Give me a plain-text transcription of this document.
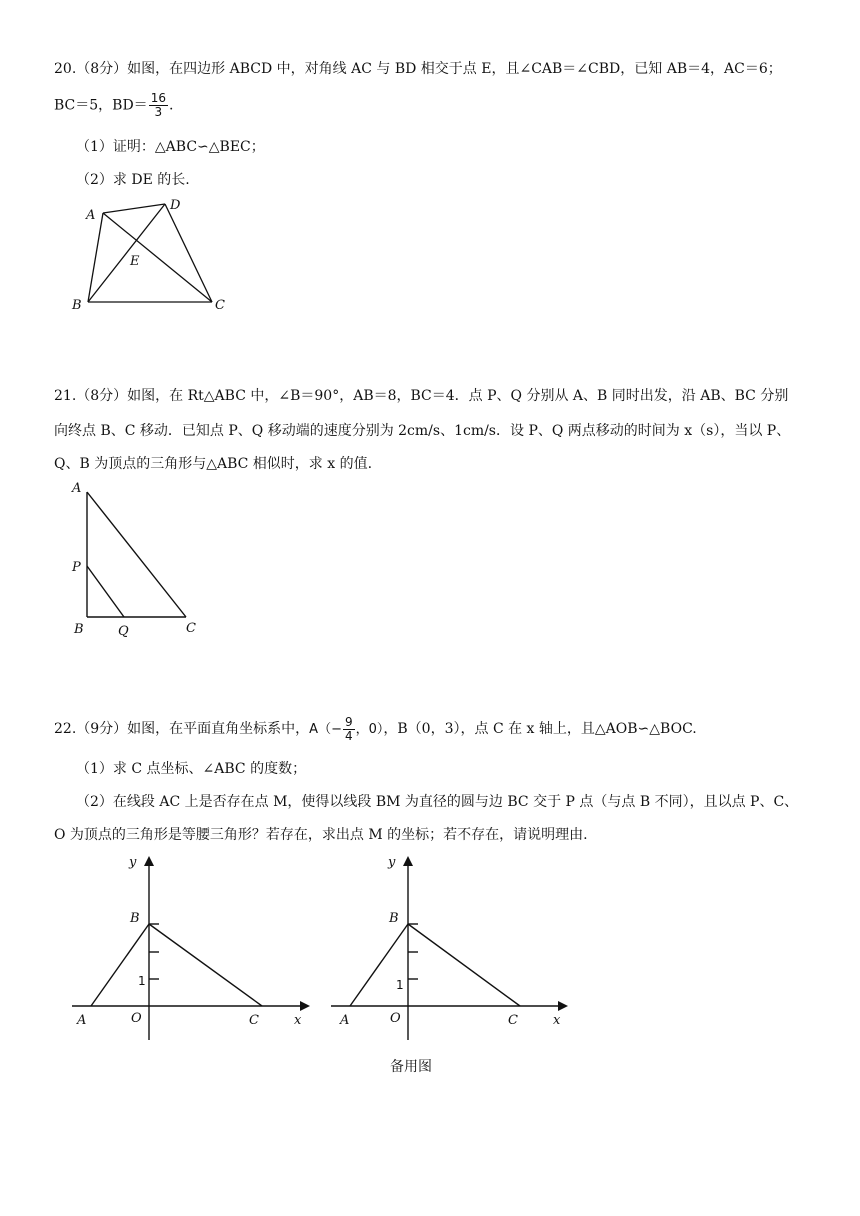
20.（8分）如图，在四边形 ABCD 中，对角线 AC 与 BD 相交于点 E，且∠CAB＝∠CBD，已知 AB＝4，AC＝6；
BC＝5，$BD= \frac{16}{3}$ .
（1）证明：△ABC∽△BEC；
（2）求 DE 的长.
A
D
E
B	C
21.（8分）如图，在 Rt△ABC 中，∠B＝90°，AB＝8，BC＝4．点 P、Q 分别从 A、B 同时出发，沿 AB、BC 分别
向终点 B、C 移动．已知点 P、Q 移动端的速度分别为 2cm/s、1cm/s．设 P、Q 两点移动的时间为 x（s），当以 P、
Q、B 为顶点的三角形与△ABC 相似时，求 x 的值.
A
P
B	Q	C
22.（9分）如图，在平面直角坐标系中，$A(- \frac{9}{4}$ ，0），B（0，3），点 C 在 x 轴上，且△AOB∽△BOC.
（1）求 C 点坐标、∠ABC 的度数；
（2）在线段 AC 上是否存在点 M，使得以线段 BM 为直径的圆与边 BC 交于 P 点（与点 B 不同），且以点 P、C、
O 为顶点的三角形是等腰三角形？若存在，求出点 M 的坐标；若不存在，请说明理由.
y
B
1
A	O	C	x
y
B
1
A	O	C	x
备用图
